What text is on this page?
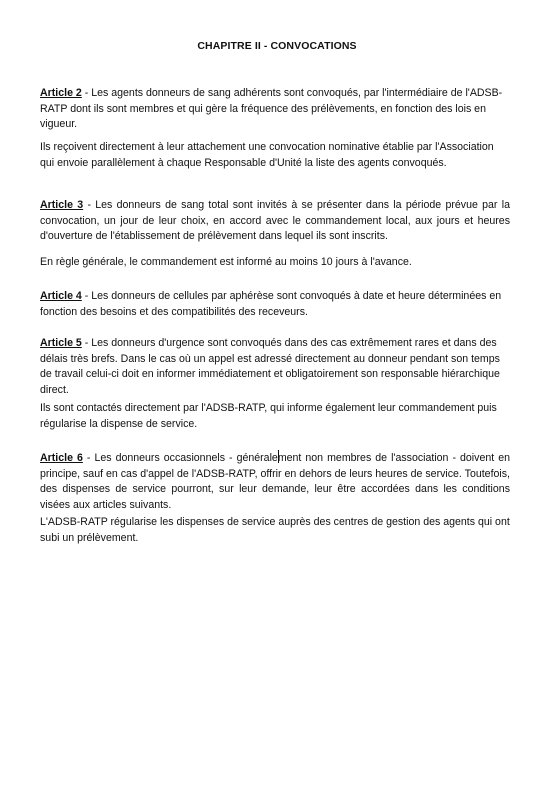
CHAPITRE II - CONVOCATIONS

Article 2 - Les agents donneurs de sang adhérents sont convoqués, par l'intermédiaire de l'ADSB-RATP dont ils sont membres et qui gère la fréquence des prélèvements, en fonction des lois en vigueur.

Ils reçoivent directement à leur attachement une convocation nominative établie par l'Association qui envoie parallèlement à chaque Responsable d'Unité la liste des agents convoqués.

Article 3 - Les donneurs de sang total sont invités à se présenter dans la période prévue par la convocation, un jour de leur choix, en accord avec le commandement local, aux jours et heures d'ouverture de l'établissement de prélèvement dans lequel ils sont inscrits.

En règle générale, le commandement est informé au moins 10 jours à l'avance.

Article 4 - Les donneurs de cellules par aphérèse sont convoqués à date et heure déterminées en fonction des besoins et des compatibilités des receveurs.

Article 5 - Les donneurs d'urgence sont convoqués dans des cas extrêmement rares et dans des délais très brefs. Dans le cas où un appel est adressé directement au donneur pendant son temps de travail celui-ci doit en informer immédiatement et obligatoirement son responsable hiérarchique direct.

Ils sont contactés directement par l'ADSB-RATP, qui informe également leur commandement puis régularise la dispense de service.

Article 6 - Les donneurs occasionnels - généralement non membres de l'association - doivent en principe, sauf en cas d'appel de l'ADSB-RATP, offrir en dehors de leurs heures de service. Toutefois, des dispenses de service pourront, sur leur demande, leur être accordées dans les conditions visées aux articles suivants.

L'ADSB-RATP régularise les dispenses de service auprès des centres de gestion des agents qui ont subi un prélèvement.
